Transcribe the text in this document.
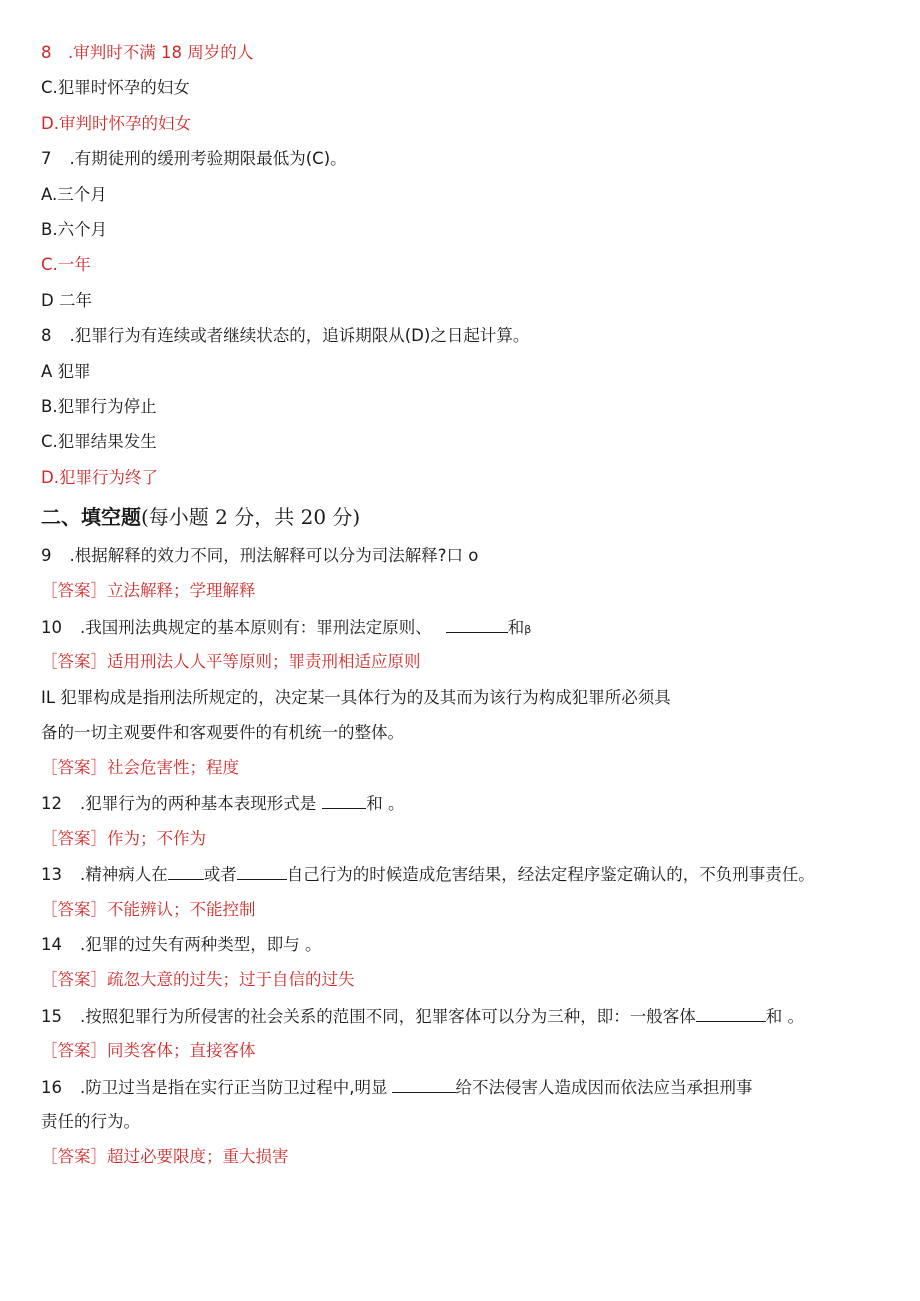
8　.审判时不满 18 周岁的人
C.犯罪时怀孕的妇女
D.审判时怀孕的妇女
7 .有期徒刑的缓刑考验期限最低为(C)。
A.三个月
B.六个月
C.一年
D 二年
8 .犯罪行为有连续或者继续状态的，追诉期限从(D)之日起计算。
A 犯罪
B.犯罪行为停止
C.犯罪结果发生
D.犯罪行为终了
二、填空题(每小题 2 分，共 20 分)
9 .根据解释的效力不同，刑法解释可以分为司法解释?口 o
［答案］立法解释；学理解释
10 .我国刑法典规定的基本原则有：罪刑法定原则、	和β
［答案］适用刑法人人平等原则；罪责刑相适应原则
IL 犯罪构成是指刑法所规定的，决定某一具体行为的及其而为该行为构成犯罪所必须具
备的一切主观要件和客观要件的有机统一的整体。
［答案］社会危害性；程度
12 .犯罪行为的两种基本表现形式是	和 。
［答案］作为；不作为
13 .精神病人在 或者	自己行为的时候造成危害结果，经法定程序鉴定确认的，不负刑事责任。
［答案］不能辨认；不能控制
14 .犯罪的过失有两种类型，即与 。
［答案］疏忽大意的过失；过于自信的过失
15 .按照犯罪行为所侵害的社会关系的范围不同，犯罪客体可以分为三种，即：一般客体	和 。
［答案］同类客体；直接客体
16 .防卫过当是指在实行正当防卫过程中,明显	给不法侵害人造成因而依法应当承担刑事
责任的行为。
［答案］超过必要限度；重大损害
